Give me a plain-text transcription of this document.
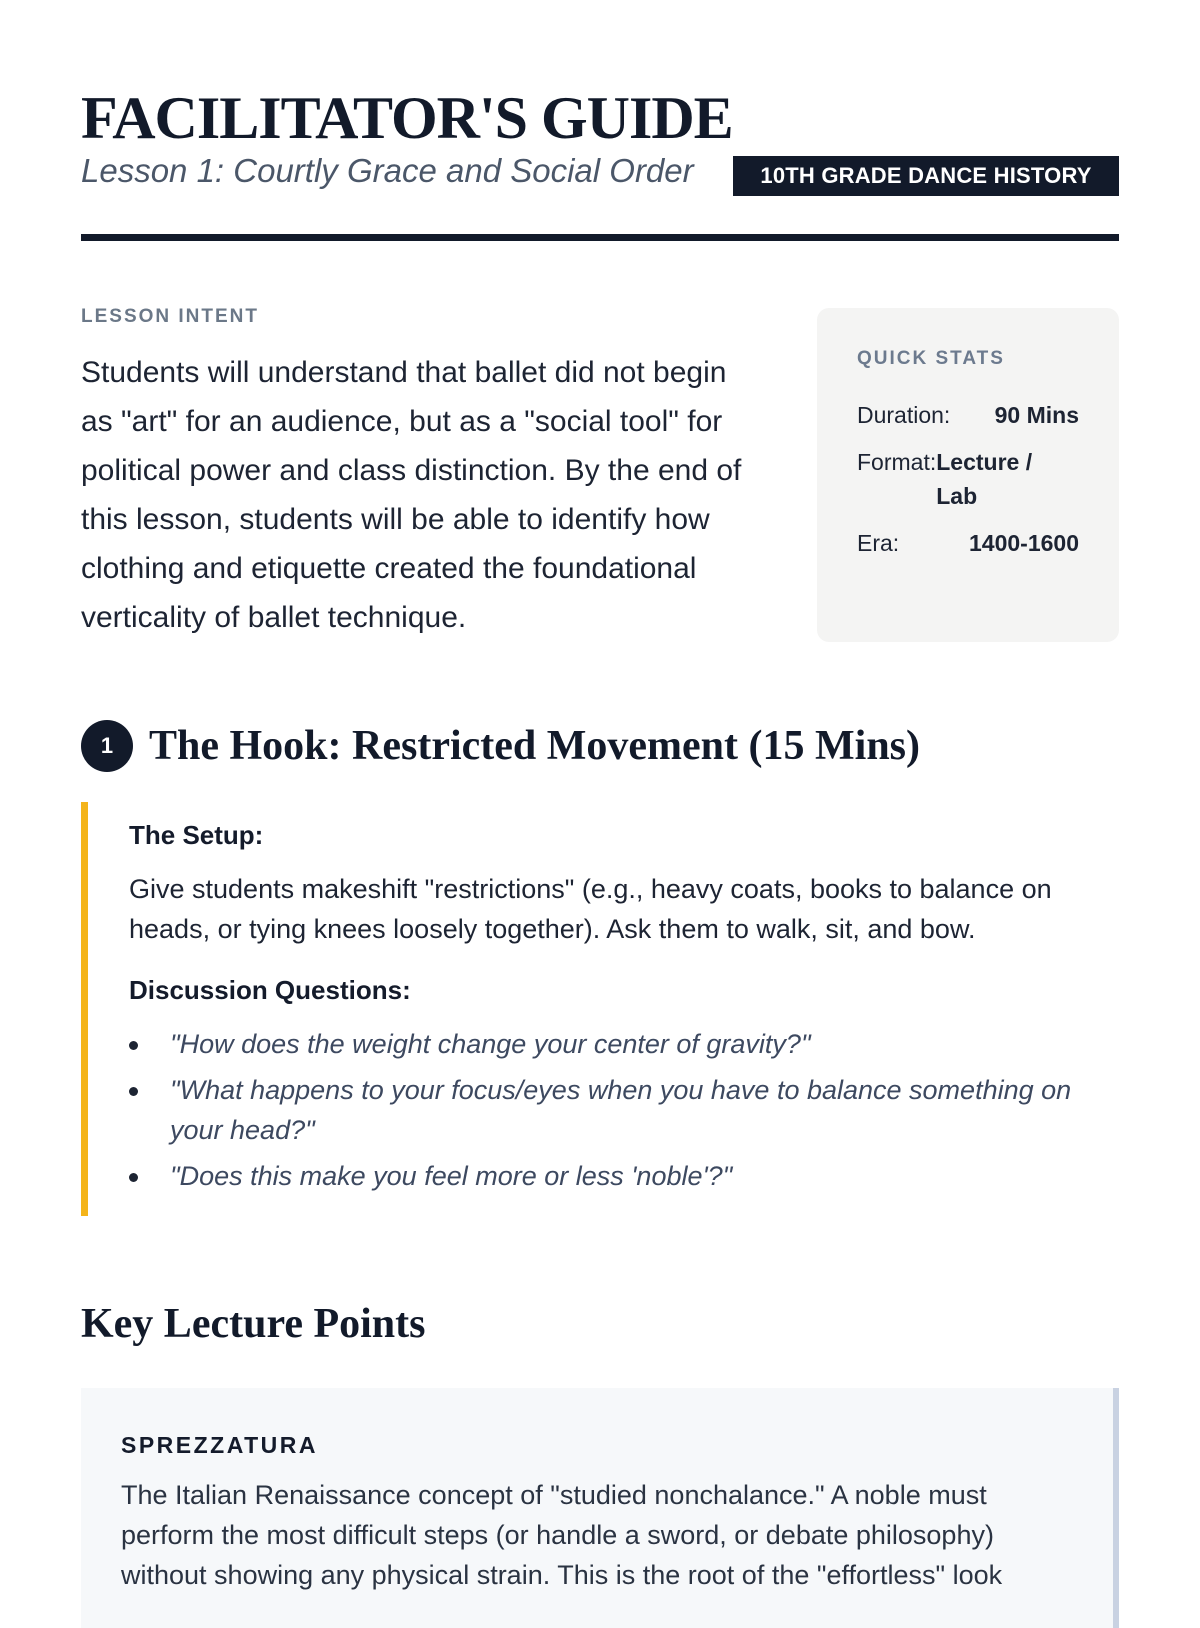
FACILITATOR'S GUIDE

Lesson 1: Courtly Grace and Social Order	10TH GRADE DANCE HISTORY
LESSON INTENT

Students will understand that ballet did not begin as "art" for an audience, but as a "social tool" for political power and class distinction. By the end of this lesson, students will be able to identify how clothing and etiquette created the foundational verticality of ballet technique.

QUICK STATS
Duration:	90 Mins
Format: Lecture / Lab
Era:	1400-1600
1 The Hook: Restricted Movement (15 Mins)

The Setup:

Give students makeshift "restrictions" (e.g., heavy coats, books to balance on heads, or tying knees loosely together). Ask them to walk, sit, and bow.

Discussion Questions:

"How does the weight change your center of gravity?"
"What happens to your focus/eyes when you have to balance something on your head?"
"Does this make you feel more or less 'noble'?"
Key Lecture Points

SPREZZATURA

The Italian Renaissance concept of "studied nonchalance." A noble must perform the most difficult steps (or handle a sword, or debate philosophy) without showing any physical strain. This is the root of the "effortless" look
